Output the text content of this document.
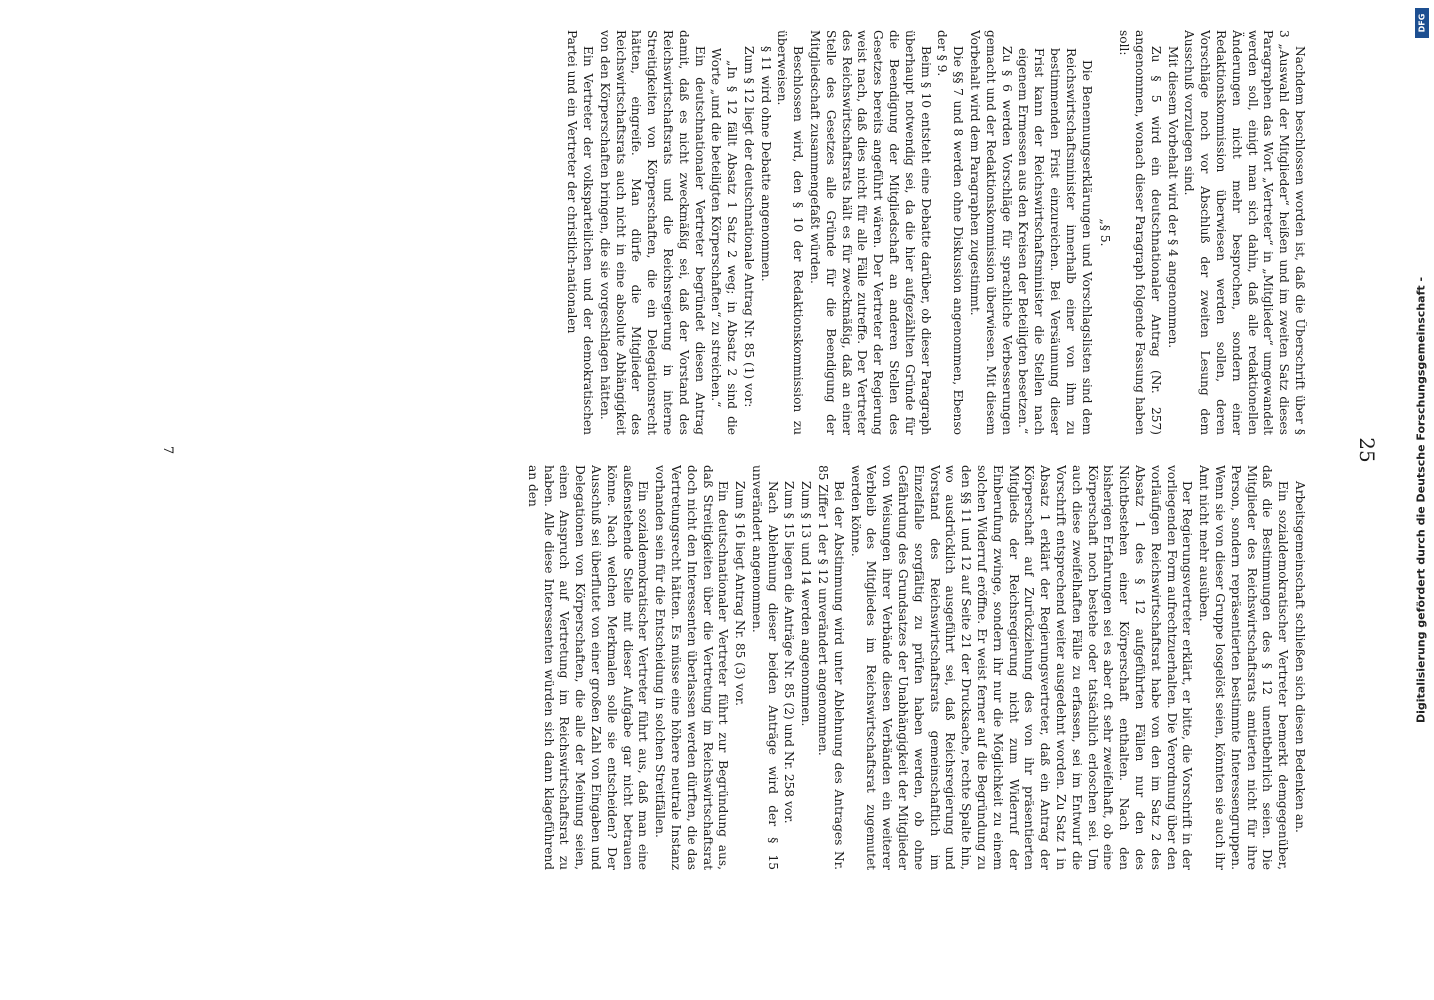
25

Nachdem beschlossen worden ist, daß die Überschrift über § 3 „Auswahl der Mitglieder“ heißen und im zweiten Satz dieses Paragraphen das Wort „Vertreter“ in „Mitglieder“ umgewandelt werden soll, einigt man sich dahin, daß alle redaktionellen Änderungen nicht mehr besprochen, sondern einer Redaktionskommission überwiesen werden sollen, deren Vorschläge noch vor Abschluß der zweiten Lesung dem Ausschuß vorzulegen sind.

Mit diesem Vorbehalt wird der § 4 angenommen.

Zu § 5 wird ein deutschnationaler Antrag (Nr. 257) angenommen, wonach dieser Paragraph folgende Fassung haben soll:

„§ 5.

Die Benennungserklärungen und Vorschlagslisten sind dem Reichswirtschaftsminister innerhalb einer von ihm zu bestimmenden Frist einzureichen. Bei Versäumung dieser Frist kann der Reichswirtschaftsminister die Stellen nach eigenem Ermessen aus den Kreisen der Beteiligten besetzen.“

Zu § 6 werden Vorschläge für sprachliche Verbesserungen gemacht und der Redaktionskommission überwiesen. Mit diesem Vorbehalt wird dem Paragraphen zugestimmt.

Die §§ 7 und 8 werden ohne Diskussion angenommen, Ebenso der § 9.

Beim § 10 entsteht eine Debatte darüber, ob dieser Paragraph überhaupt notwendig sei, da die hier aufgezählten Gründe für die Beendigung der Mitgliedschaft an anderen Stellen des Gesetzes bereits angeführt wären. Der Vertreter der Regierung weist nach, daß dies nicht für alle Fälle zutreffe. Der Vertreter des Reichswirtschaftsrats hält es für zweckmäßig, daß an einer Stelle des Gesetzes alle Gründe für die Beendigung der Mitgliedschaft zusammengefaßt würden.

Beschlossen wird, den § 10 der Redaktionskommission zu überweisen.

§ 11 wird ohne Debatte angenommen.

Zum § 12 liegt der deutschnationale Antrag Nr. 85 (1) vor:

„In § 12 fällt Absatz 1 Satz 2 weg; in Absatz 2 sind die Worte „und die beteiligten Körperschaften“ zu streichen.“

Ein deutschnationaler Vertreter begründet diesen Antrag damit, daß es nicht zweckmäßig sei, daß der Vorstand des Reichswirtschaftsrats und die Reichsregierung in interne Streitigkeiten von Körperschaften, die ein Delegationsrecht hätten, eingreife. Man dürfe die Mitglieder des Reichswirtschaftsrats auch nicht in eine absolute Abhängigkeit von den Körperschaften bringen, die sie vorgeschlagen hätten.

Ein Vertreter der volksparteilichen und der demokratischen Partei und ein Vertreter der christlich-nationalen

Arbeitsgemeinschaft schließen sich diesen Bedenken an.

Ein sozialdemokratischer Vertreter bemerkt demgegenüber, daß die Bestimmungen des § 12 unentbehrlich seien. Die Mitglieder des Reichswirtschaftsrats amtierten nicht für ihre Person, sondern repräsentierten bestimmte Interessengruppen. Wenn sie von dieser Gruppe losgelöst seien, könnten sie auch ihr Amt nicht mehr ausüben.

Der Regierungsvertreter erklärt, er bitte, die Vorschrift in der vorliegenden Form aufrechtzuerhalten. Die Verordnung über den vorläufigen Reichswirtschaftsrat habe von den im Satz 2 des Absatz 1 des § 12 aufgeführten Fällen nur den des Nichtbestehen einer Körperschaft enthalten. Nach den bisherigen Erfahrungen sei es aber oft sehr zweifelhaft, ob eine Körperschaft noch bestehe oder tatsächlich erloschen sei. Um auch diese zweifelhaften Fälle zu erfassen, sei im Entwurf die Vorschrift entsprechend weiter ausgedehnt worden. Zu Satz 1 in Absatz 1 erklärt der Regierungsvertreter, daß ein Antrag der Körperschaft auf Zurückziehung des von ihr präsentierten Mitglieds der Reichsregierung nicht zum Widerruf der Einberufung zwinge, sondern ihr nur die Möglichkeit zu einem solchen Widerruf eröffne. Er weist ferner auf die Begründung zu den §§ 11 und 12 auf Seite 21 der Drucksache, rechte Spalte hin, wo ausdrücklich ausgeführt sei, daß Reichsregierung und Vorstand des Reichswirtschaftsrats gemeinschaftlich im Einzelfalle sorgfältig zu prüfen haben werden, ob ohne Gefährdung des Grundsatzes der Unabhängigkeit der Mitglieder von Weisungen ihrer Verbände diesen Verbänden ein weiterer Verbleib des Mitgliedes im Reichswirtschaftsrat zugemutet werden könne.

Bei der Abstimmung wird unter Ablehnung des Antrages Nr. 85 Ziffer 1 der § 12 unverändert angenommen.

Zum § 13 und 14 werden angenommen.

Zum § 15 liegen die Anträge Nr. 85 (2) und Nr. 258 vor.

Nach Ablehnung dieser beiden Anträge wird der § 15 unverändert angenommen.

Zum § 16 liegt Antrag Nr. 85 (3) vor.

Ein deutschnationaler Vertreter führt zur Begründung aus, daß Streitigkeiten über die Vertretung im Reichswirtschaftsrat doch nicht den Interessenten überlassen werden dürften, die das Vertretungsrecht hätten. Es müsse eine höhere neutrale Instanz vorhanden sein für die Entscheidung in solchen Streitfällen.

Ein sozialdemokratischer Vertreter führt aus, daß man eine außenstehende Stelle mit dieser Aufgabe gar nicht betrauen könne. Nach welchen Merkmalen solle sie entscheiden? Der Ausschuß sei überflutet von einer großen Zahl von Eingaben und Delegationen von Körperschaften, die alle der Meinung seien, einen Anspruch auf Vertretung im Reichswirtschaftsrat zu haben. Alle diese Interessenten würden sich dann klageführend an den

7
DFG
Digitalisierung gefördert durch die Deutsche Forschungsgemeinschaft -
